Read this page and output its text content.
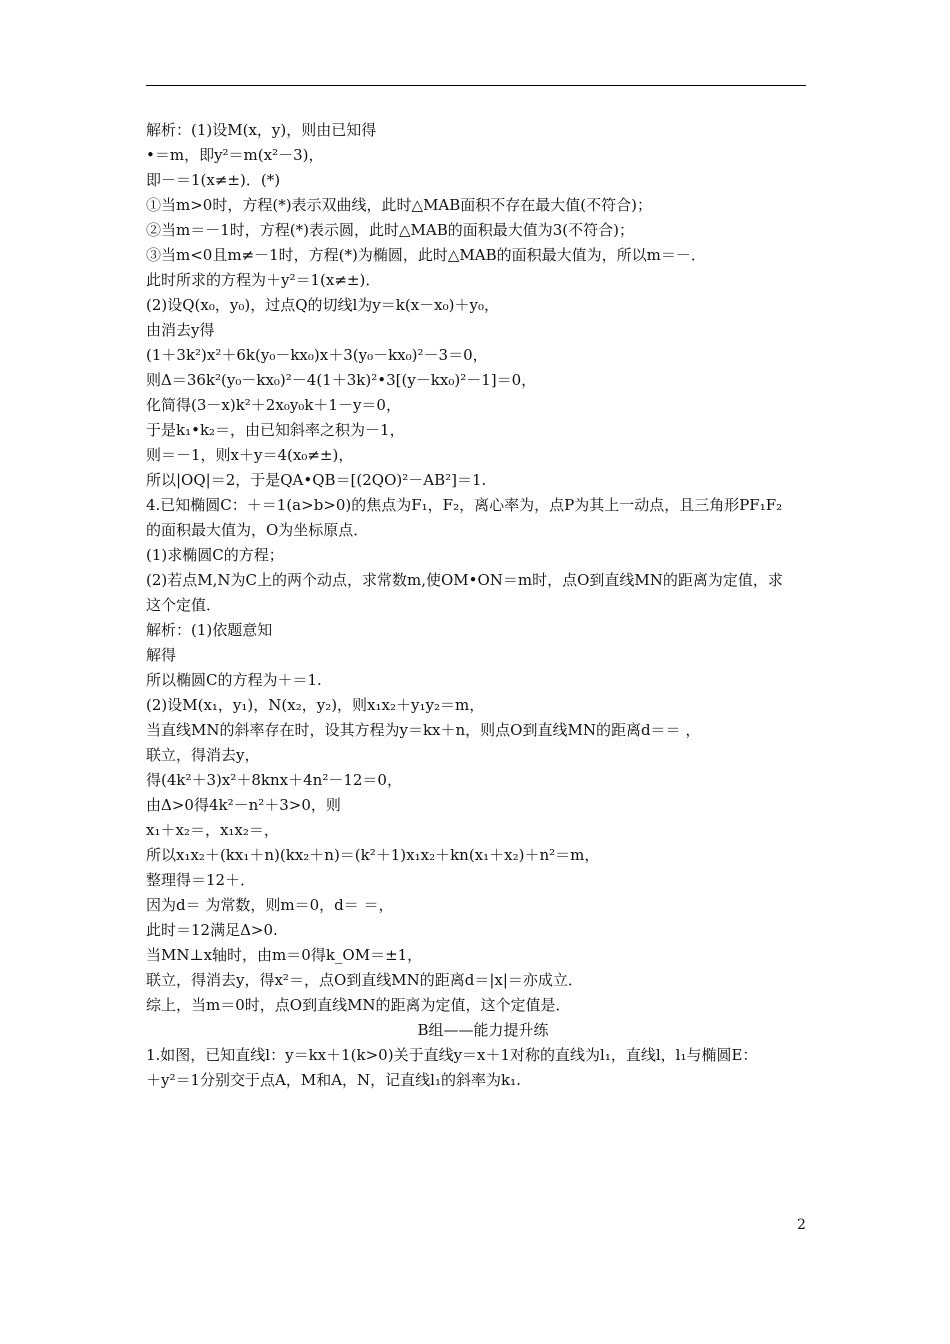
解析：(1)设M(x，y)，则由已知得
•＝m，即y²＝m(x²－3)，
即－＝1(x≠±)．(*)
①当m>0时，方程(*)表示双曲线，此时△MAB面积不存在最大值(不符合)；
②当m＝－1时，方程(*)表示圆，此时△MAB的面积最大值为3(不符合)；
③当m<0且m≠－1时，方程(*)为椭圆，此时△MAB的面积最大值为，所以m＝－．
此时所求的方程为＋y²＝1(x≠±)．
(2)设Q(x₀，y₀)，过点Q的切线l为y＝k(x－x₀)＋y₀，
由消去y得
(1＋3k²)x²＋6k(y₀－kx₀)x＋3(y₀－kx₀)²－3＝0，
则Δ＝36k²(y₀－kx₀)²－4(1＋3k)²•3[(y－kx₀)²－1]＝0，
化简得(3－x)k²＋2x₀y₀k＋1－y＝0，
于是k₁•k₂＝，由已知斜率之积为－1，
则＝－1，则x＋y＝4(x₀≠±)，
所以|OQ|＝2，于是QA•QB＝[(2QO)²－AB²]＝1.
4.已知椭圆C：＋＝1(a>b>0)的焦点为F₁，F₂，离心率为，点P为其上一动点，且三角形PF₁F₂
的面积最大值为，O为坐标原点．
(1)求椭圆C的方程；
(2)若点M,N为C上的两个动点，求常数m,使OM•ON＝m时，点O到直线MN的距离为定值，求
这个定值．
解析：(1)依题意知
解得
所以椭圆C的方程为＋＝1.
(2)设M(x₁，y₁)，N(x₂，y₂)，则x₁x₂＋y₁y₂＝m，
当直线MN的斜率存在时，设其方程为y＝kx＋n，则点O到直线MN的距离d＝＝ ，
联立，得消去y，
得(4k²＋3)x²＋8knx＋4n²－12＝0，
由Δ>0得4k²－n²＋3>0，则
x₁＋x₂＝，x₁x₂＝，
所以x₁x₂＋(kx₁＋n)(kx₂＋n)＝(k²＋1)x₁x₂＋kn(x₁＋x₂)＋n²＝m，
整理得＝12＋．
因为d＝ 为常数，则m＝0，d＝ ＝，
此时＝12满足Δ>0.
当MN⊥x轴时，由m＝0得k_OM＝±1，
联立，得消去y，得x²＝，点O到直线MN的距离d＝|x|＝亦成立．
综上，当m＝0时，点O到直线MN的距离为定值，这个定值是．
B组——能力提升练
1.如图，已知直线l：y＝kx＋1(k>0)关于直线y＝x＋1对称的直线为l₁，直线l，l₁与椭圆E：
＋y²＝1分别交于点A，M和A，N，记直线l₁的斜率为k₁.
2
